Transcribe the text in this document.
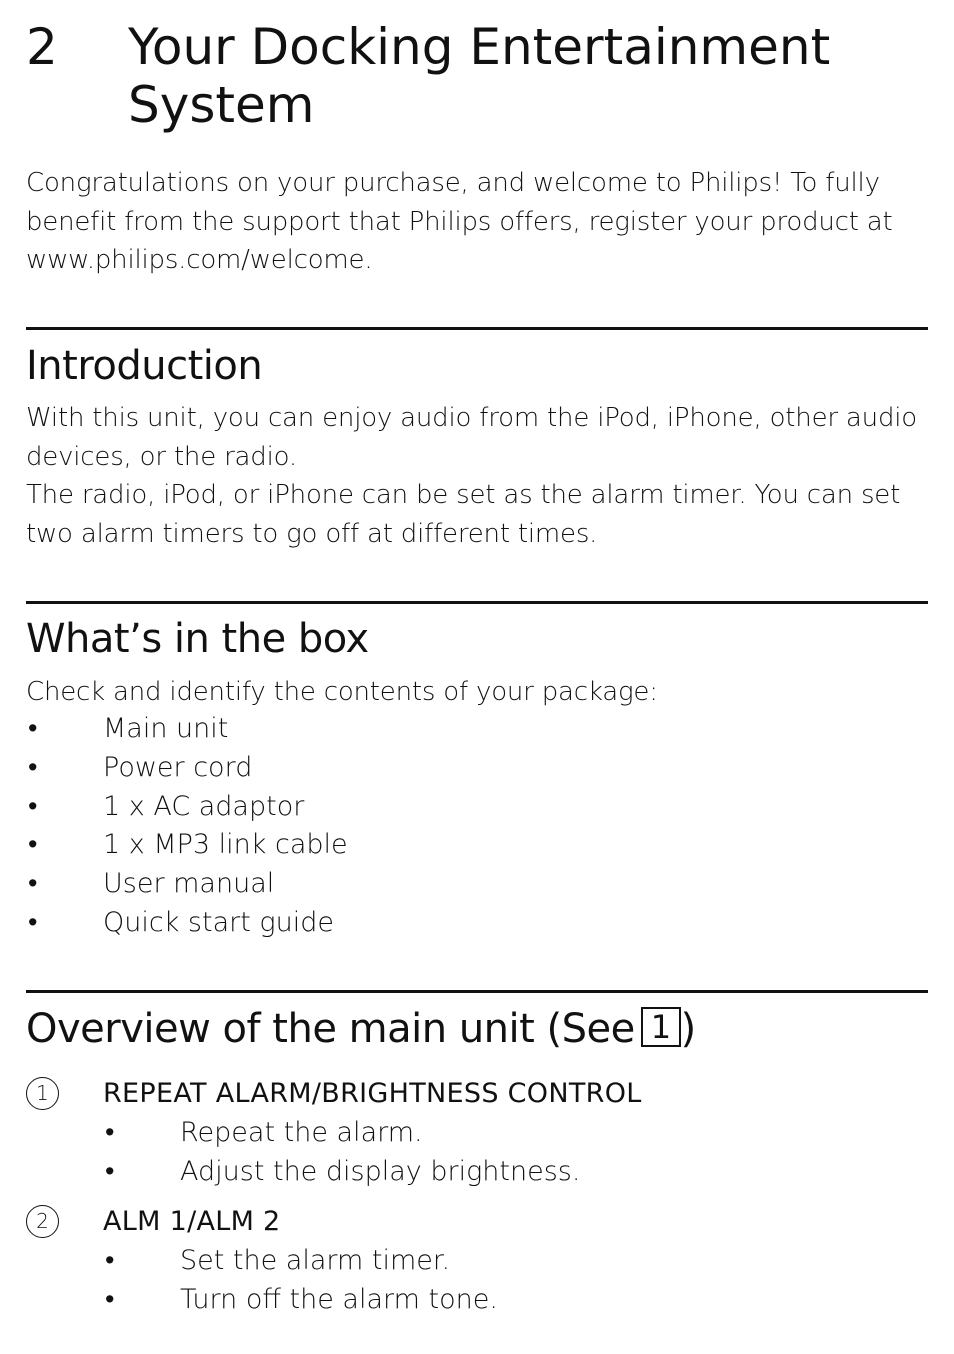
2 Your Docking Entertainment System
Congratulations on your purchase, and welcome to Philips! To fully benefit from the support that Philips offers, register your product at www.philips.com/welcome.
Introduction
With this unit, you can enjoy audio from the iPod, iPhone, other audio devices, or the radio.
The radio, iPod, or iPhone can be set as the alarm timer. You can set two alarm timers to go off at different times.
What’s in the box
Check and identify the contents of your package:
• Main unit
• Power cord
• 1 x AC adaptor
• 1 x MP3 link cable
• User manual
• Quick start guide
Overview of the main unit (See 1 )
1	REPEAT ALARM/BRIGHTNESS CONTROL
• Repeat the alarm.
• Adjust the display brightness.
2	ALM 1/ALM 2
• Set the alarm timer.
• Turn off the alarm tone.
